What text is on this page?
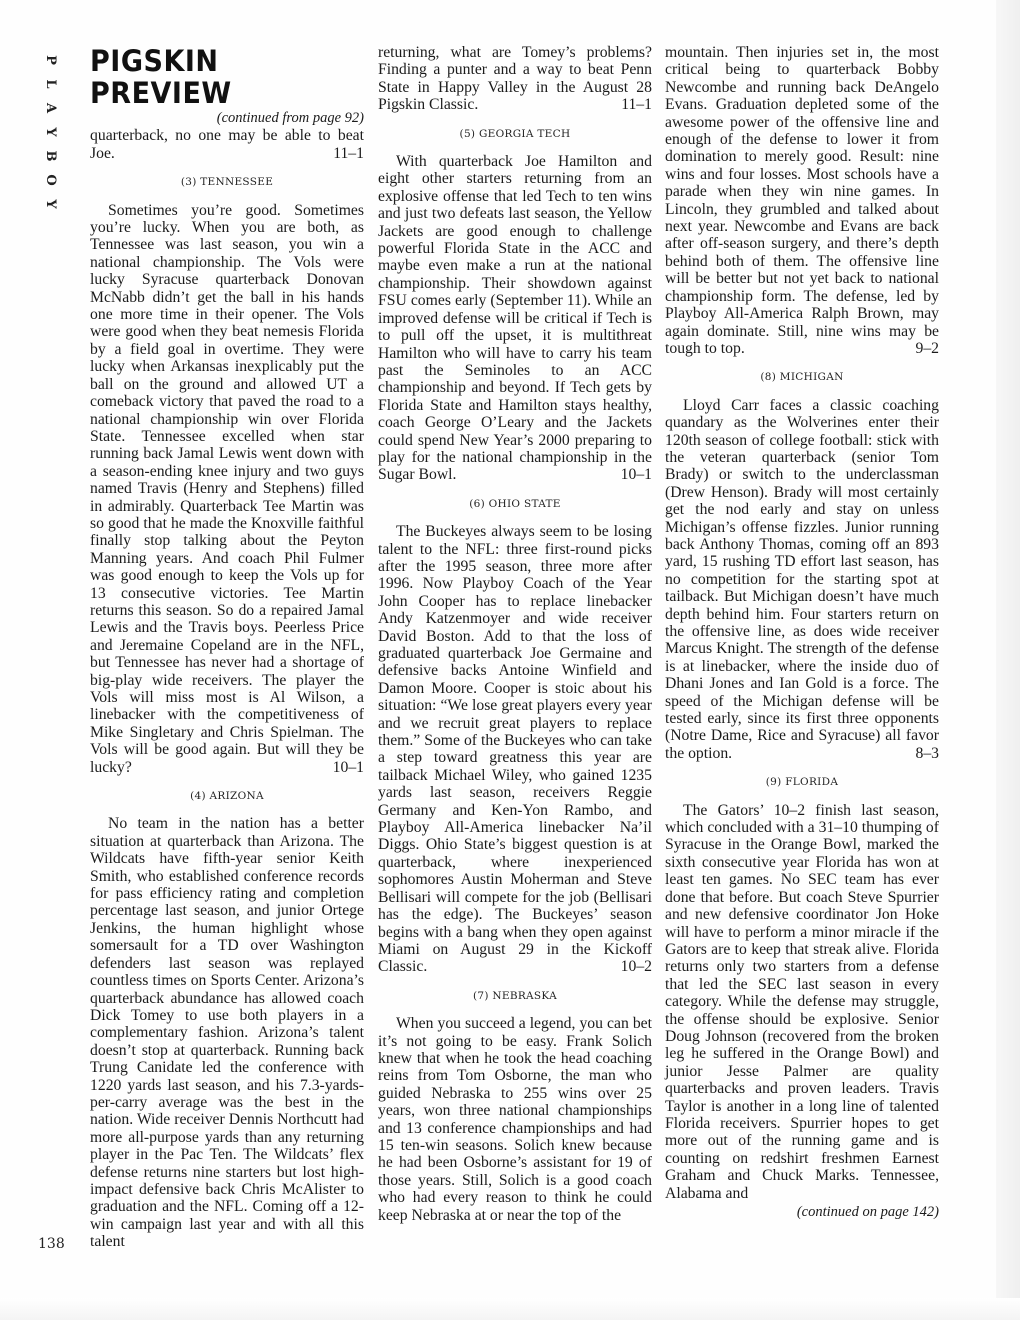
P
L
A
Y
B
O
Y
138
PIGSKIN PREVIEW
(continued from page 92)

quarterback, no one may be able to beat Joe.	11–1

(3) TENNESSEE

Sometimes you’re good. Sometimes you’re lucky. When you are both, as Tennessee was last season, you win a national championship. The Vols were lucky Syracuse quarterback Donovan McNabb didn’t get the ball in his hands one more time in their opener. The Vols were good when they beat nemesis Florida by a field goal in overtime. They were lucky when Arkansas inexplicably put the ball on the ground and allowed UT a comeback victory that paved the road to a national championship win over Florida State. Tennessee excelled when star running back Jamal Lewis went down with a season-ending knee injury and two guys named Travis (Henry and Stephens) filled in admirably. Quarterback Tee Martin was so good that he made the Knoxville faithful finally stop talking about the Peyton Manning years. And coach Phil Fulmer was good enough to keep the Vols up for 13 consecutive victories. Tee Martin returns this season. So do a repaired Jamal Lewis and the Travis boys. Peerless Price and Jeremaine Copeland are in the NFL, but Tennessee has never had a shortage of big-play wide receivers. The player the Vols will miss most is Al Wilson, a linebacker with the competitiveness of Mike Singletary and Chris Spielman. The Vols will be good again. But will they be lucky?	10–1

(4) ARIZONA

No team in the nation has a better situation at quarterback than Arizona. The Wildcats have fifth-year senior Keith Smith, who established conference records for pass efficiency rating and completion percentage last season, and junior Ortege Jenkins, the human highlight whose somersault for a TD over Washington defenders last season was replayed countless times on Sports Center. Arizona’s quarterback abundance has allowed coach Dick Tomey to use both players in a complementary fashion. Arizona’s talent doesn’t stop at quarterback. Running back Trung Canidate led the conference with 1220 yards last season, and his 7.3-yards-per-carry average was the best in the nation. Wide receiver Dennis Northcutt had more all-purpose yards than any returning player in the Pac Ten. The Wildcats’ flex defense returns nine starters but lost high-impact defensive back Chris McAlister to graduation and the NFL. Coming off a 12-win campaign last year and with all this talent

returning, what are Tomey’s problems? Finding a punter and a way to beat Penn State in Happy Valley in the August 28 Pigskin Classic.	11–1

(5) GEORGIA TECH

With quarterback Joe Hamilton and eight other starters returning from an explosive offense that led Tech to ten wins and just two defeats last season, the Yellow Jackets are good enough to challenge powerful Florida State in the ACC and maybe even make a run at the national championship. Their showdown against FSU comes early (September 11). While an improved defense will be critical if Tech is to pull off the upset, it is multithreat Hamilton who will have to carry his team past the Seminoles to an ACC championship and beyond. If Tech gets by Florida State and Hamilton stays healthy, coach George O’Leary and the Jackets could spend New Year’s 2000 preparing to play for the national championship in the Sugar Bowl.	10–1

(6) OHIO STATE

The Buckeyes always seem to be losing talent to the NFL: three first-round picks after the 1995 season, three more after 1996. Now Playboy Coach of the Year John Cooper has to replace linebacker Andy Katzenmoyer and wide receiver David Boston. Add to that the loss of graduated quarterback Joe Germaine and defensive backs Antoine Winfield and Damon Moore. Cooper is stoic about his situation: “We lose great players every year and we recruit great players to replace them.” Some of the Buckeyes who can take a step toward greatness this year are tailback Michael Wiley, who gained 1235 yards last season, receivers Reggie Germany and Ken-Yon Rambo, and Playboy All-America linebacker Na’il Diggs. Ohio State’s biggest question is at quarterback, where inexperienced sophomores Austin Moherman and Steve Bellisari will compete for the job (Bellisari has the edge). The Buckeyes’ season begins with a bang when they open against Miami on August 29 in the Kickoff Classic.	10–2

(7) NEBRASKA

When you succeed a legend, you can bet it’s not going to be easy. Frank Solich knew that when he took the head coaching reins from Tom Osborne, the man who guided Nebraska to 255 wins over 25 years, won three national championships and 13 conference championships and had 15 ten-win seasons. Solich knew because he had been Osborne’s assistant for 19 of those years. Still, Solich is a good coach who had every reason to think he could keep Nebraska at or near the top of the

mountain. Then injuries set in, the most critical being to quarterback Bobby Newcombe and running back DeAngelo Evans. Graduation depleted some of the awesome power of the offensive line and enough of the defense to lower it from domination to merely good. Result: nine wins and four losses. Most schools have a parade when they win nine games. In Lincoln, they grumbled and talked about next year. Newcombe and Evans are back after off-season surgery, and there’s depth behind both of them. The offensive line will be better but not yet back to national championship form. The defense, led by Playboy All-America Ralph Brown, may again dominate. Still, nine wins may be tough to top.	9–2

(8) MICHIGAN

Lloyd Carr faces a classic coaching quandary as the Wolverines enter their 120th season of college football: stick with the veteran quarterback (senior Tom Brady) or switch to the underclassman (Drew Henson). Brady will most certainly get the nod early and stay on unless Michigan’s offense fizzles. Junior running back Anthony Thomas, coming off an 893 yard, 15 rushing TD effort last season, has no competition for the starting spot at tailback. But Michigan doesn’t have much depth behind him. Four starters return on the offensive line, as does wide receiver Marcus Knight. The strength of the defense is at linebacker, where the inside duo of Dhani Jones and Ian Gold is a force. The speed of the Michigan defense will be tested early, since its first three opponents (Notre Dame, Rice and Syracuse) all favor the option.	8–3

(9) FLORIDA

The Gators’ 10–2 finish last season, which concluded with a 31–10 thumping of Syracuse in the Orange Bowl, marked the sixth consecutive year Florida has won at least ten games. No SEC team has ever done that before. But coach Steve Spurrier and new defensive coordinator Jon Hoke will have to perform a minor miracle if the Gators are to keep that streak alive. Florida returns only two starters from a defense that led the SEC last season in every category. While the defense may struggle, the offense should be explosive. Senior Doug Johnson (recovered from the broken leg he suffered in the Orange Bowl) and junior Jesse Palmer are quality quarterbacks and proven leaders. Travis Taylor is another in a long line of talented Florida receivers. Spurrier hopes to get more out of the running game and is counting on redshirt freshmen Earnest Graham and Chuck Marks. Tennessee, Alabama and

(continued on page 142)
